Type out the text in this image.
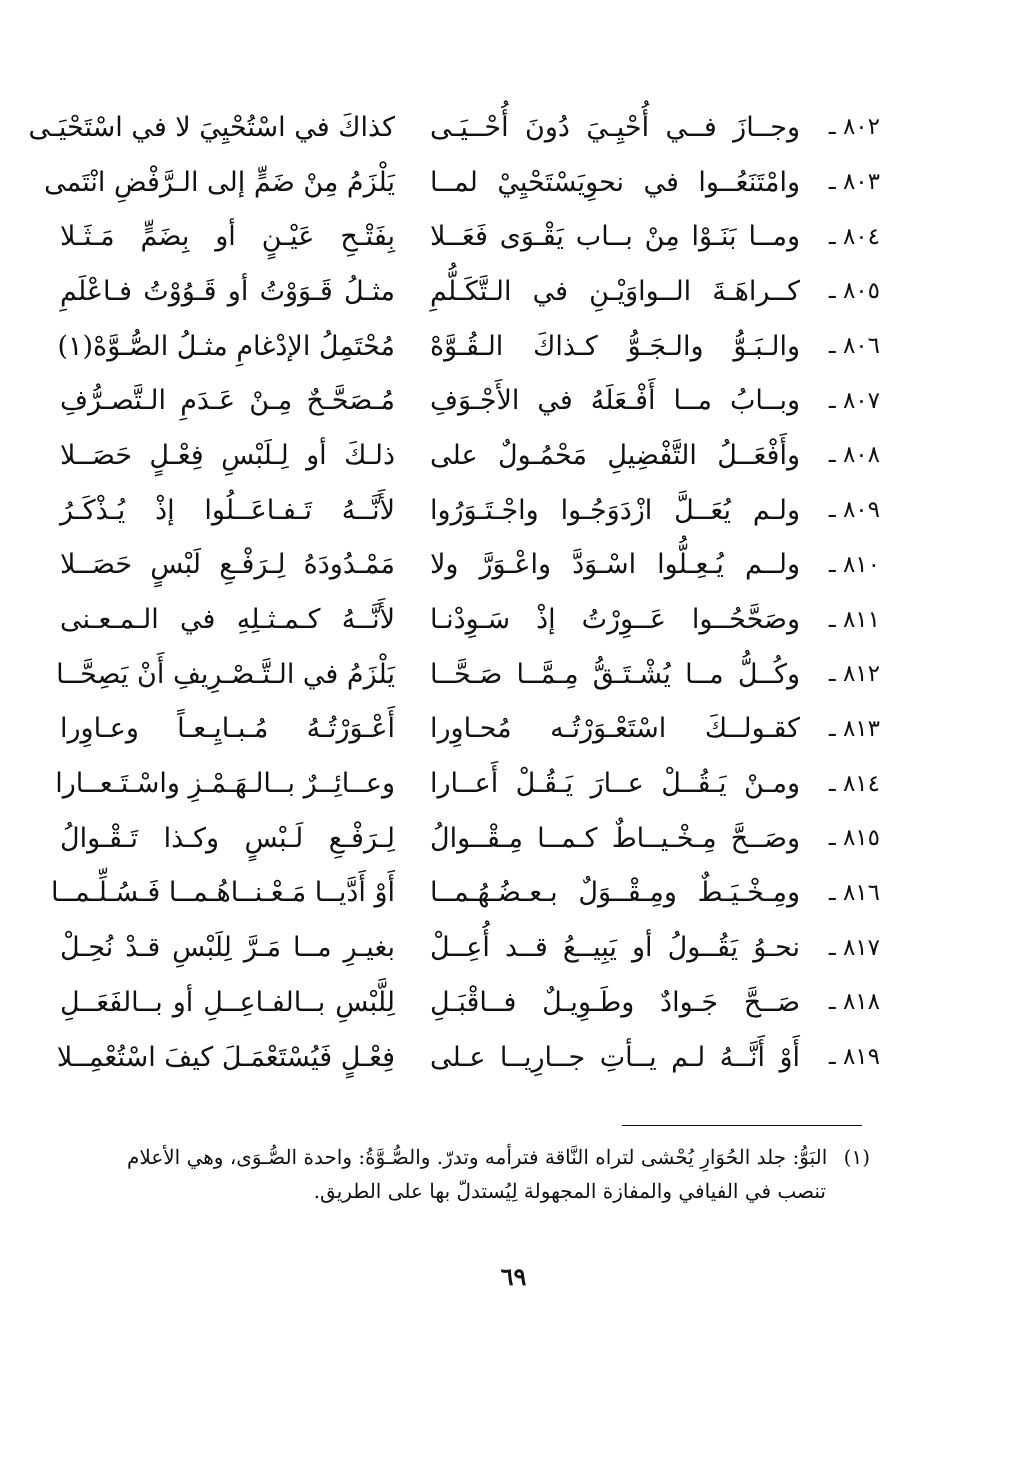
٨٠٢ ـ
وجــازَ فــي أُحْيِـيَ دُونَ أُحْــيَـى
كذاكَ في اسْتُحْيِيَ لا في اسْتَحْيَـى
٨٠٣ ـ
وامْتَنَعُــوا في نحوِيَسْتَحْيِيْ لمــا
يَلْزَمُ مِنْ ضَمٍّ إلى الـرَّفْضِ انْتَمى
٨٠٤ ـ
ومــا بَنَـوْا مِنْ بــاب يَقْـوَى فَعَــلا
بِفَتْـحِ عَيْـنٍ أو بِضَمٍّ مَـثَـلا
٨٠٥ ـ
كــراهَـةَ الــواوَيْـنِ في الـتَّكَـلُّمِ
مثـلُ قَـوَوْتُ أو قَـوُوْتُ فـاعْلَمِ
٨٠٦ ـ
والـبَـوُّ والـجَـوُّ كـذاكَ الـقُـوَّهْ
مُحْتَمِلُ الإدْغامِ مثـلُ الصُّـوَّهْ(١)
٨٠٧ ـ
وبــابُ مــا أَفْـعَلَهُ في الأَجْـوَفِ
مُـصَحَّـحٌ مِـنْ عَـدَمِ الـتَّصـرُّفِ
٨٠٨ ـ
وأَفْعَــلُ التَّفْضِيلِ مَحْمُـولٌ على
ذلـكَ أو لِـلَبْسِ فِعْـلٍ حَصَــلا
٨٠٩ ـ
ولـم يُعَــلَّ ازْدَوَجُـوا واجْـتَـوَرُوا
لأَنَّــهُ تَـفـاعَــلُوا إذْ يُـذْكَـرُ
٨١٠ ـ
ولــم يُـعِـلُّوا اسْـوَدَّ واعْـوَرَّ ولا
مَمْـدُودَهُ لِـرَفْـعِ لَبْسٍ حَصَــلا
٨١١ ـ
وصَحَّحُــوا عَــوِرْتُ إذْ سَـوِدْنـا
لأَنَّــهُ كـمـثـلِهِ في الـمـعـنى
٨١٢ ـ
وكُــلُّ مــا يُشْـتَـقُّ مِـمَّــا صَـحَّــا
يَلْزَمُ في الـتَّـصْـرِيفِ أَنْ يَصِحَّــا
٨١٣ ـ
كقـولــكَ اسْتَعْـوَرْتُـه مُحـاوِرا
أَعْـوَرْتُـهُ مُـبـايِـعـاً وعـاوِرا
٨١٤ ـ
ومـنْ يَـقُــلْ عــارَ يَـقُـلْ أَعــارا
وعــائِــرٌ بــالـهَـمْـزِ واسْـتَـعــارا
٨١٥ ـ
وصَــحَّ مِـخْـيــاطٌ كـمــا مِـقْــوالُ
لِـرَفْـعِ لَـبْسٍ وكـذا تَـقْـوالُ
٨١٦ ـ
ومِـخْـيَـطٌ ومِـقْــوَلٌ بـعـضُـهُـمــا
أَوْ أَدَّيــا مَـعْـنــاهُـمــا فَـسُـلِّـمــا
٨١٧ ـ
نحـوُ يَقُــولُ أو يَبِيــعُ قــد أُعِــلْ
بغيـرِ مــا مَـرَّ لِلَبْسِ قـدْ نُحِـلْ
٨١٨ ـ
صَــحَّ جَـوادٌ وطَـوِيـلٌ فــاقْبَـلِ
لِلَّبْسِ بــالفـاعِــلِ أو بــالفَعَــلِ
٨١٩ ـ
أَوْ أَنَّــهُ لـم يــأتِ جــارِيــا عـلى
فِعْـلٍ فَيُسْتَعْمَـلَ كيفَ اسْتُعْمِــلا
(١) البَوُّ: جلد الحُوَارِ يُحْشى لتراه النَّاقة فترأمه وتدرّ. والصُّـوَّةُ: واحدة الصُّـوَى، وهي الأعلام
تنصب في الفيافي والمفازة المجهولة لِيُستدلّ بها على الطريق.
٦٩
